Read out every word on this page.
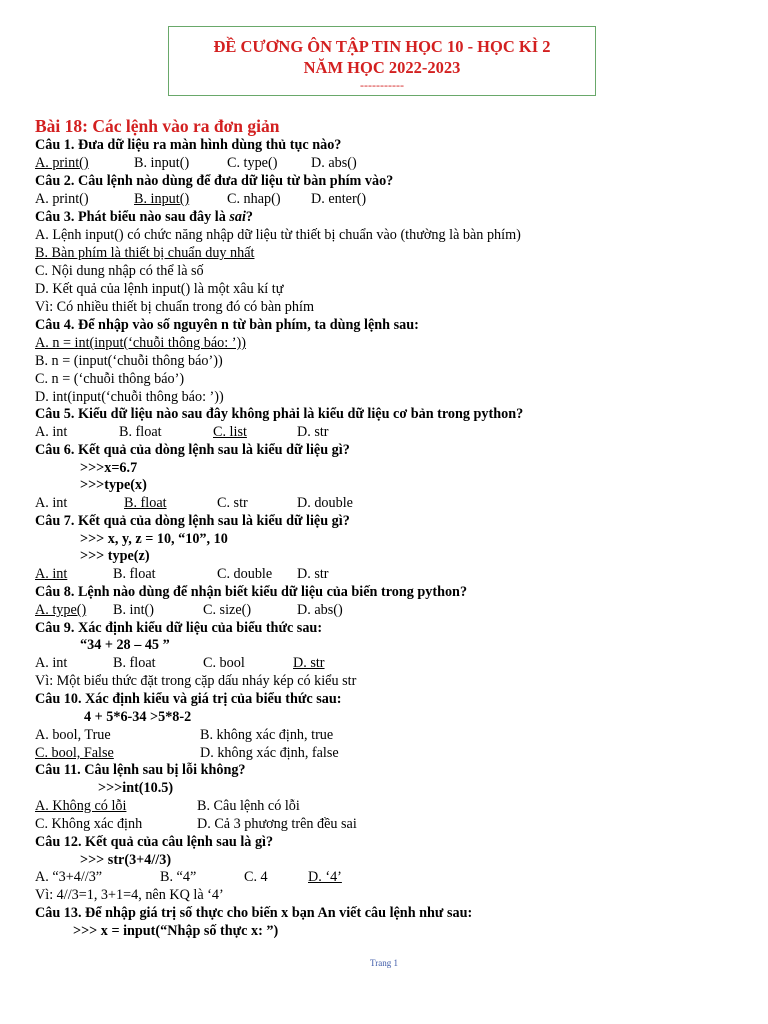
ĐỀ CƯƠNG ÔN TẬP TIN HỌC 10 - HỌC KÌ 2
NĂM HỌC 2022-2023
-----------
Bài 18: Các lệnh vào ra đơn giản
Câu 1. Đưa dữ liệu ra màn hình dùng thủ tục nào?
A. print()	B. input()	C. type() D. abs()
Câu 2. Câu lệnh nào dùng để đưa dữ liệu từ bàn phím vào?
A. print()	B. input()	C. nhap() D. enter()
Câu 3. Phát biểu nào sau đây là sai?
A. Lệnh input() có chức năng nhập dữ liệu từ thiết bị chuẩn vào (thường là bàn phím)
B. Bàn phím là thiết bị chuẩn duy nhất
C. Nội dung nhập có thể là số
D. Kết quả của lệnh input() là một xâu kí tự
Vì: Có nhiều thiết bị chuẩn trong đó có bàn phím
Câu 4. Để nhập vào số nguyên n từ bàn phím, ta dùng lệnh sau:
A. n = int(input(‘chuỗi thông báo: ’))
B. n = (input(‘chuỗi thông báo’))
C. n = (‘chuỗi thông báo’)
D. int(input(‘chuỗi thông báo: ’))
Câu 5. Kiểu dữ liệu nào sau đây không phải là kiểu dữ liệu cơ bản trong python?
A. int	B. float	C. list	D. str
Câu 6. Kết quả của dòng lệnh sau là kiểu dữ liệu gì?
>>>x=6.7
>>>type(x)
A. int	B. float	C. str	D. double
Câu 7. Kết quả của dòng lệnh sau là kiểu dữ liệu gì?
>>> x, y, z = 10, “10”, 10
>>> type(z)
A. int	B. float	C. double D. str
Câu 8. Lệnh nào dùng để nhận biết kiểu dữ liệu của biến trong python?
A. type() B. int()	C. size()	D. abs()
Câu 9. Xác định kiểu dữ liệu của biểu thức sau:
“34 + 28 – 45 ”
A. int	B. float	C. bool	D. str
Vì: Một biểu thức đặt trong cặp dấu nháy kép có kiểu str
Câu 10. Xác định kiểu và giá trị của biểu thức sau:
4 + 5*6-34 >5*8-2
A. bool, True	B. không xác định, true
C. bool, False	D. không xác định, false
Câu 11. Câu lệnh sau bị lỗi không?
>>>int(10.5)
A. Không có lỗi	B. Câu lệnh có lỗi
C. Không xác định	D. Cả 3 phương trên đều sai
Câu 12. Kết quả của câu lệnh sau là gì?
>>> str(3+4//3)
A. “3+4//3”	B. “4”	C. 4	D. ‘4’
Vì: 4//3=1, 3+1=4, nên KQ là ‘4’
Câu 13. Để nhập giá trị số thực cho biến x bạn An viết câu lệnh như sau:
>>> x = input(“Nhập số thực x: ”)
Trang 1
